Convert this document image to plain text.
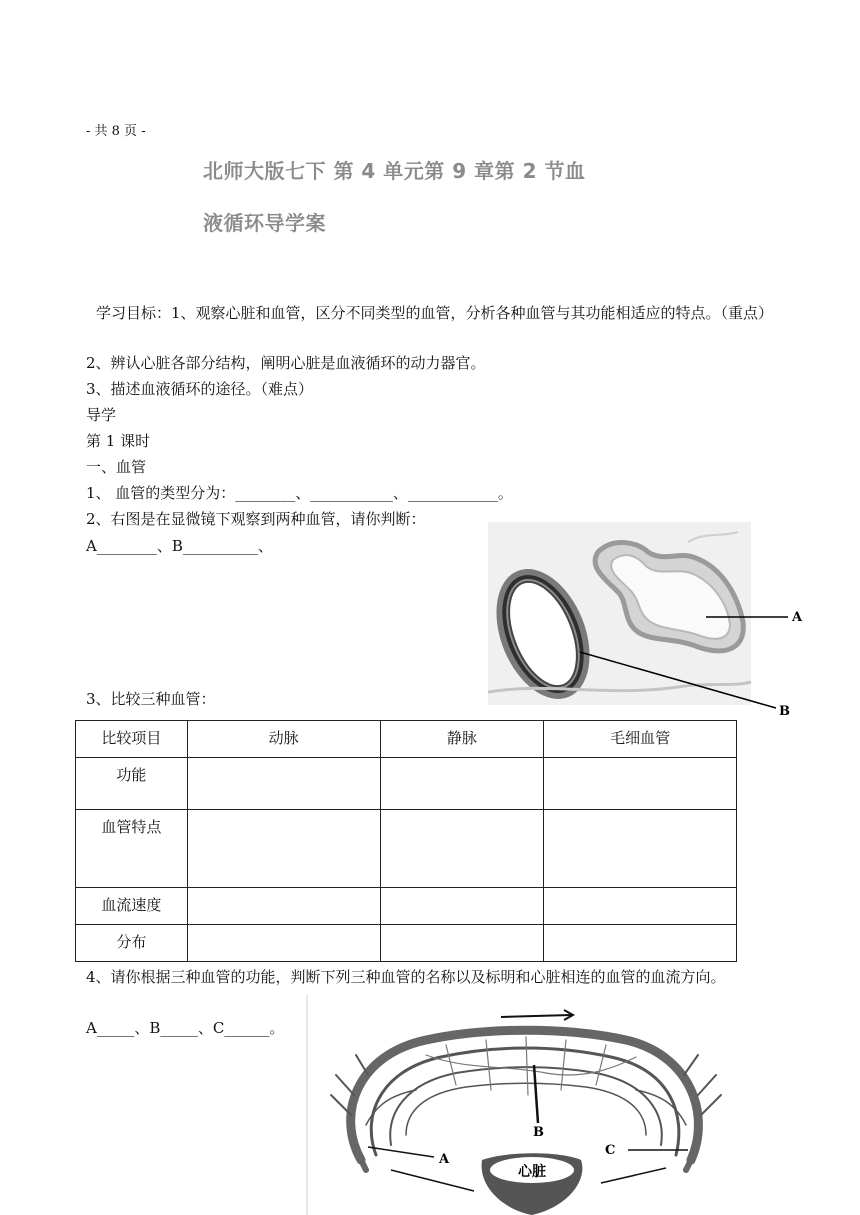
- 共 8 页 -
北师大版七下 第 4 单元第 9 章第 2 节血
液循环导学案
学习目标：1、观察心脏和血管，区分不同类型的血管，分析各种血管与其功能相适应的特点。（重点）
2、辨认心脏各部分结构，阐明心脏是血液循环的动力器官。
3、描述血液循环的途径。（难点）
导学
第 1 课时
一、血管
1、 血管的类型分为：________、___________、____________。
2、右图是在显微镜下观察到两种血管，请你判断：
A________、B__________、
A
B
3、比较三种血管：
比较项目	动脉	静脉	毛细血管
功能			
血管特点			
血流速度			
分布			
4、请你根据三种血管的功能，判断下列三种血管的名称以及标明和心脏相连的血管的血流方向。
A_____、B_____、C______。
B
A
C
心脏
